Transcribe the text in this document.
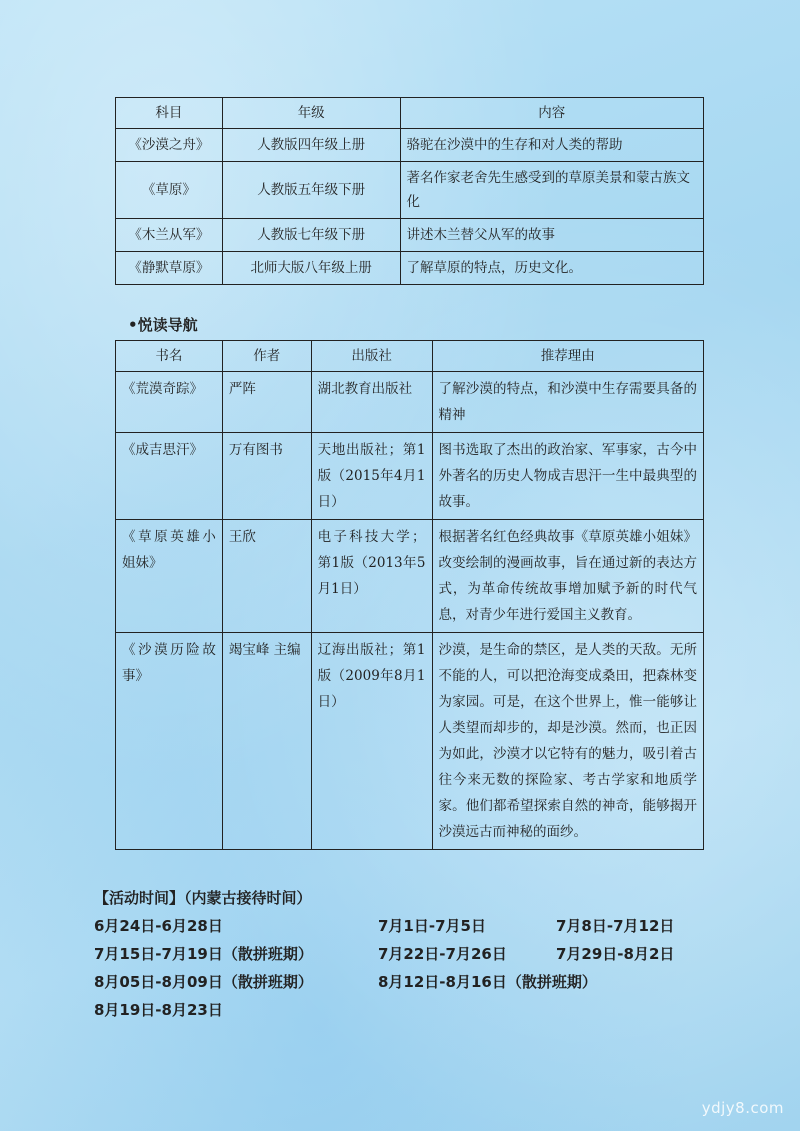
科目	年级	内容
《沙漠之舟》	人教版四年级上册	骆驼在沙漠中的生存和对人类的帮助
《草原》	人教版五年级下册	著名作家老舍先生感受到的草原美景和蒙古族文化
《木兰从军》	人教版七年级下册	讲述木兰替父从军的故事
《静默草原》	北师大版八年级上册	了解草原的特点，历史文化。
•悦读导航
书名	作者	出版社	推荐理由
《荒漠奇踪》	严阵	湖北教育出版社	了解沙漠的特点，和沙漠中生存需要具备的精神
《成吉思汗》	万有图书	天地出版社；第1版（2015年4月1日）	图书选取了杰出的政治家、军事家，古今中外著名的历史人物成吉思汗一生中最典型的故事。
《草原英雄小姐妹》	王欣	电子科技大学；第1版（2013年5月1日）	根据著名红色经典故事《草原英雄小姐妹》改变绘制的漫画故事，旨在通过新的表达方式，为革命传统故事增加赋予新的时代气息，对青少年进行爱国主义教育。
《沙漠历险故事》	竭宝峰 主编	辽海出版社；第1版（2009年8月1日）	沙漠，是生命的禁区，是人类的天敌。无所不能的人，可以把沧海变成桑田，把森林变为家园。可是，在这个世界上，惟一能够让人类望而却步的，却是沙漠。然而，也正因为如此，沙漠才以它特有的魅力，吸引着古往今来无数的探险家、考古学家和地质学家。他们都希望探索自然的神奇，能够揭开沙漠远古而神秘的面纱。
【活动时间】（内蒙古接待时间）
6月24日-6月28日	7月1日-7月5日	7月8日-7月12日
7月15日-7月19日（散拼班期）	7月22日-7月26日	7月29日-8月2日
8月05日-8月09日（散拼班期）	8月12日-8月16日（散拼班期）
8月19日-8月23日
ydjy8.com
